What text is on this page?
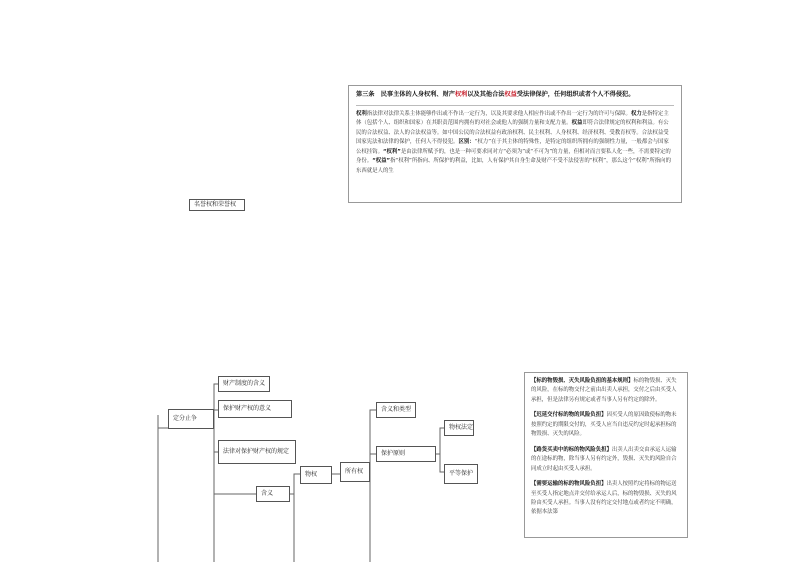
名誉权和荣誉权
定分止争
财产制度的含义
保护财产权的意义
法律对保护财产权的规定
含义
物权	所有权
含义和类型
保护原则
物权法定
平等保护
第三条　民事主体的人身权利、财产权利以及其他合法权益受法律保护，任何组织或者个人不得侵犯。
权利指法律对法律关系主体能够作出或不作出一定行为，以及其要求他人相应作出或不作出一定行为的许可与保障。权力是指特定主体（包括个人、组织和国家）在其职责范围内拥有的对社会或他人的强制力量和支配力量。权益即符合法律规定的权利和利益。有公民的合法权益、法人的合法权益等。如中国公民的合法权益有政治权利、民主权利、人身权利、经济权利、受教育权等。合法权益受国家宪法和法律的保护，任何人不得侵犯。区别：“权力”在于其主体的特殊性，是特定的组织所拥有的强制性力量，一般都会与国家公权挂钩。“权利”是由法律所赋予的，也是一种可要求同对方“必须为”或“不可为”的力量，但相对而言要私人化一些，不需要特定的身份。“权益”指“权利”所指向、所保护的利益，比如，人有保护其自身生命及财产不受不法侵害的“权利”，那么这个“权利”所指向的东西就是人的生

【标的物毁损、灭失风险负担的基本规则】标的物毁损、灭失的风险，在标的物交付之前由出卖人承担，交付之后由买受人承担，但是法律另有规定或者当事人另有约定的除外。

【迟延交付标的物的风险负担】因买受人的原因致使标的物未按照约定的期限交付的，买受人应当自违反约定时起承担标的物毁损、灭失的风险。

【路货买卖中的标的物风险负担】出卖人出卖交由承运人运输的在途标的物，除当事人另有约定外，毁损、灭失的风险自合同成立时起由买受人承担。

【需要运输的标的物风险负担】出卖人按照约定将标的物运送至买受人指定地点并交付给承运人后，标的物毁损、灭失的风险由买受人承担。当事人没有约定交付地点或者约定不明确，依据本法第
